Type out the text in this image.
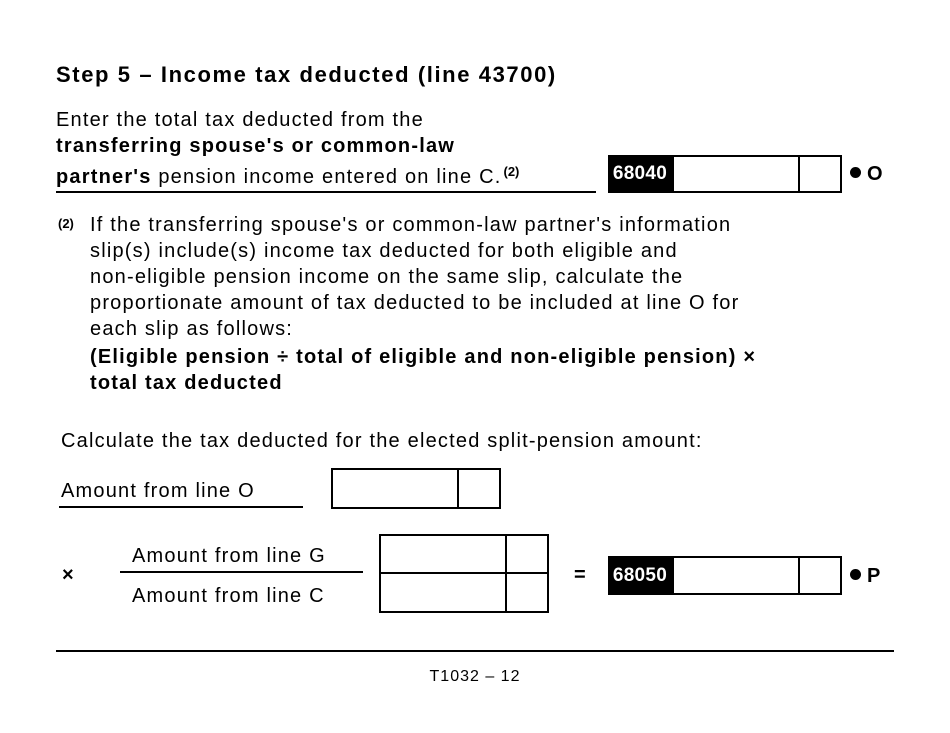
Step 5 – Income tax deducted (line 43700)
Enter the total tax deducted from the
transferring spouse's or common-law
partner's pension income entered on line C. $^{(2)}$	68040	O
(2) If the transferring spouse's or common-law partner's information
slip(s) include(s) income tax deducted for both eligible and
non-eligible pension income on the same slip, calculate the
proportionate amount of tax deducted to be included at line O for
each slip as follows:
(Eligible pension ÷ total of eligible and non-eligible pension) ×
total tax deducted
Calculate the tax deducted for the elected split-pension amount:
Amount from line O
×
Amount from line G
Amount from line C
= 68050	P
T1032 – 12
